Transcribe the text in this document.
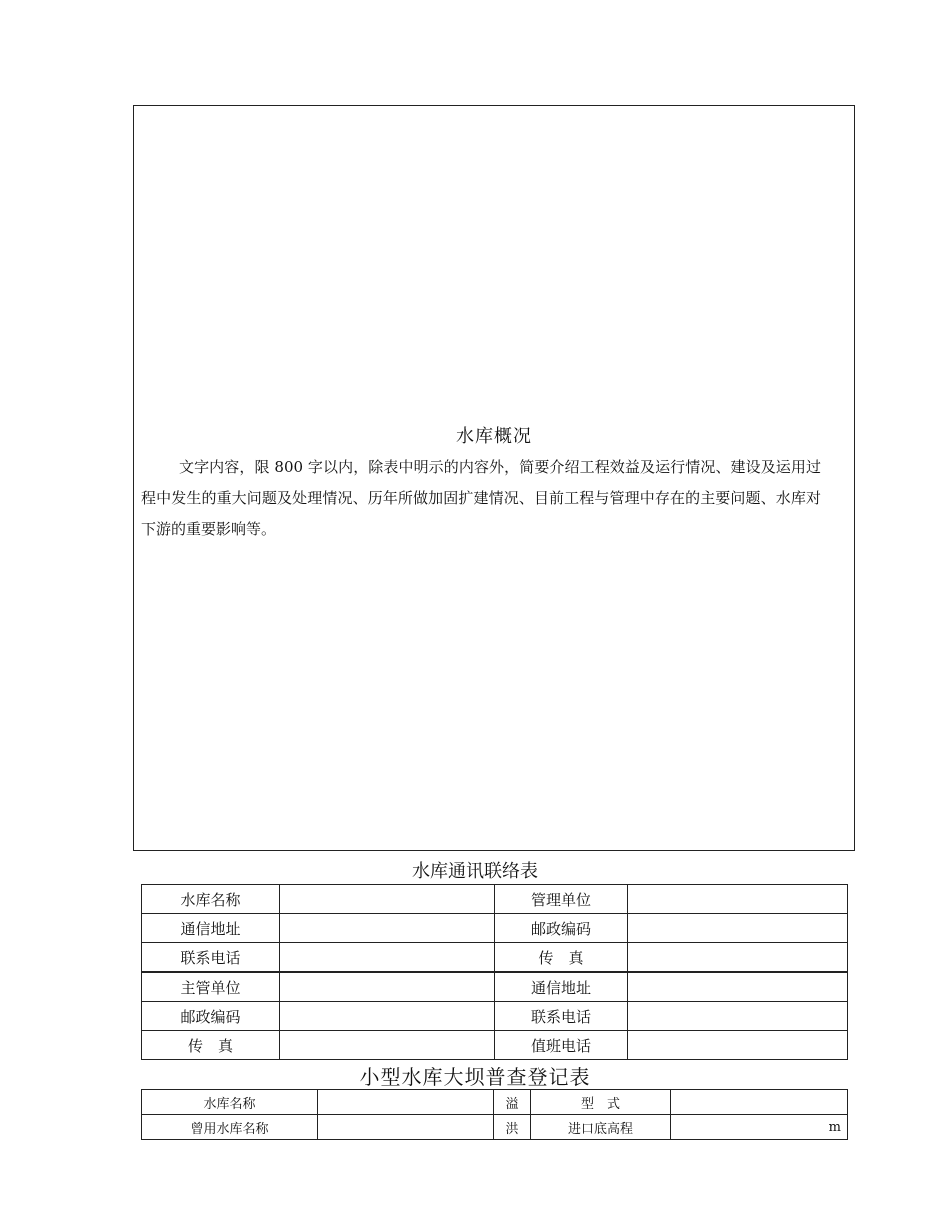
水库概况
文字内容，限 800 字以内，除表中明示的内容外，简要介绍工程效益及运行情况、建设及运用过程中发生的重大问题及处理情况、历年所做加固扩建情况、目前工程与管理中存在的主要问题、水库对下游的重要影响等。
水库通讯联络表
水库名称		管理单位	
通信地址		邮政编码	
联系电话		传　真	
主管单位		通信地址	
邮政编码		联系电话	
传　真		值班电话	
小型水库大坝普查登记表
水库名称		溢	型　式	
曾用水库名称		洪	进口底高程	m
